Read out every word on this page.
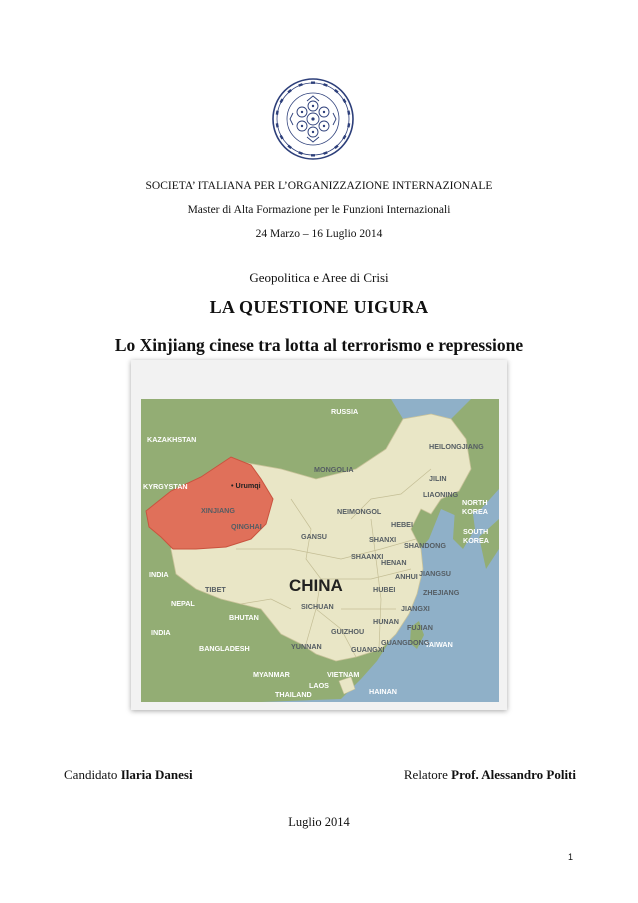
SOCIETA’ ITALIANA PER L’ORGANIZZAZIONE INTERNAZIONALE
Master di Alta Formazione per le Funzioni Internazionali
24 Marzo – 16 Luglio 2014
Geopolitica e Aree di Crisi
LA QUESTIONE UIGURA
Lo Xinjiang cinese tra lotta al terrorismo e repressione
RUSSIA
KAZAKHSTAN
MONGOLIA
KYRGYSTAN
NORTH
KOREA
SOUTH
KOREA
INDIA
NEPAL
BHUTAN
INDIA
BANGLADESH
MYANMAR
LAOS
VIETNAM
THAILAND
TAIWAN
CHINA
XINJIANG
QINGHAI
TIBET
GANSU
NEIMONGOL
HEILONGJIANG
JILIN
LIAONING
HEBEI
SHANXI
SHANDONG
HENAN
SHAANXI
SICHUAN
HUBEI
ANHUI JIANGSU
ZHEJIANG
JIANGXI
HUNAN
GUIZHOU	FUJIAN
YUNNAN	GUANGXI
GUANGDONG
HAINAN
• Urumqi
Candidato Ilaria Danesi	Relatore Prof. Alessandro Politi
Luglio 2014
1
